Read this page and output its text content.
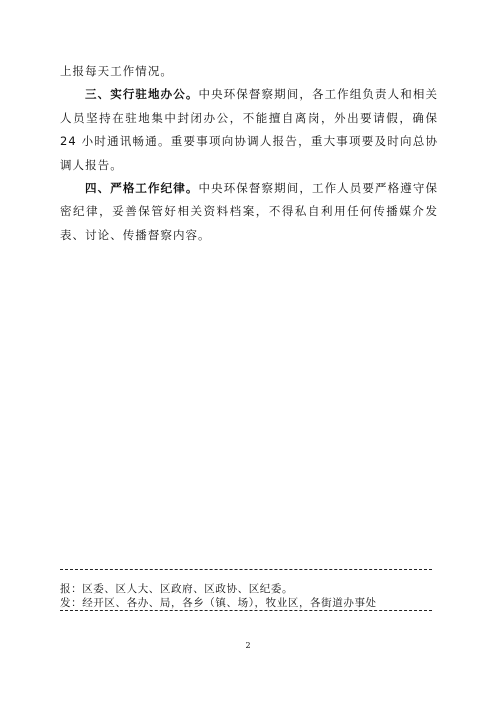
上报每天工作情况。

三、实行驻地办公。中央环保督察期间，各工作组负责人和相关人员坚持在驻地集中封闭办公，不能擅自离岗，外出要请假，确保 24 小时通讯畅通。重要事项向协调人报告，重大事项要及时向总协调人报告。

四、严格工作纪律。中央环保督察期间，工作人员要严格遵守保密纪律，妥善保管好相关资料档案，不得私自利用任何传播媒介发表、讨论、传播督察内容。

报：区委、区人大、区政府、区政协、区纪委。
发：经开区、各办、局，各乡（镇、场），牧业区，各街道办事处
2
